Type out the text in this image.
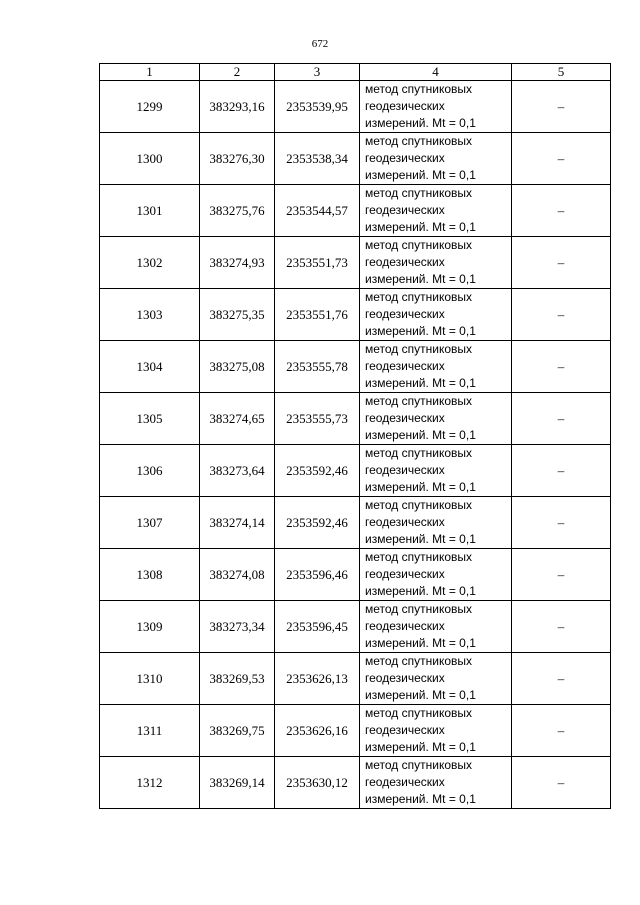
672
1	2	3	4	5
1299	383293,16	2353539,95	метод спутниковых
геодезических
измерений. Mt = 0,1	–
1300	383276,30	2353538,34	метод спутниковых
геодезических
измерений. Mt = 0,1	–
1301	383275,76	2353544,57	метод спутниковых
геодезических
измерений. Mt = 0,1	–
1302	383274,93	2353551,73	метод спутниковых
геодезических
измерений. Mt = 0,1	–
1303	383275,35	2353551,76	метод спутниковых
геодезических
измерений. Mt = 0,1	–
1304	383275,08	2353555,78	метод спутниковых
геодезических
измерений. Mt = 0,1	–
1305	383274,65	2353555,73	метод спутниковых
геодезических
измерений. Mt = 0,1	–
1306	383273,64	2353592,46	метод спутниковых
геодезических
измерений. Mt = 0,1	–
1307	383274,14	2353592,46	метод спутниковых
геодезических
измерений. Mt = 0,1	–
1308	383274,08	2353596,46	метод спутниковых
геодезических
измерений. Mt = 0,1	–
1309	383273,34	2353596,45	метод спутниковых
геодезических
измерений. Mt = 0,1	–
1310	383269,53	2353626,13	метод спутниковых
геодезических
измерений. Mt = 0,1	–
1311	383269,75	2353626,16	метод спутниковых
геодезических
измерений. Mt = 0,1	–
1312	383269,14	2353630,12	метод спутниковых
геодезических
измерений. Mt = 0,1	–
